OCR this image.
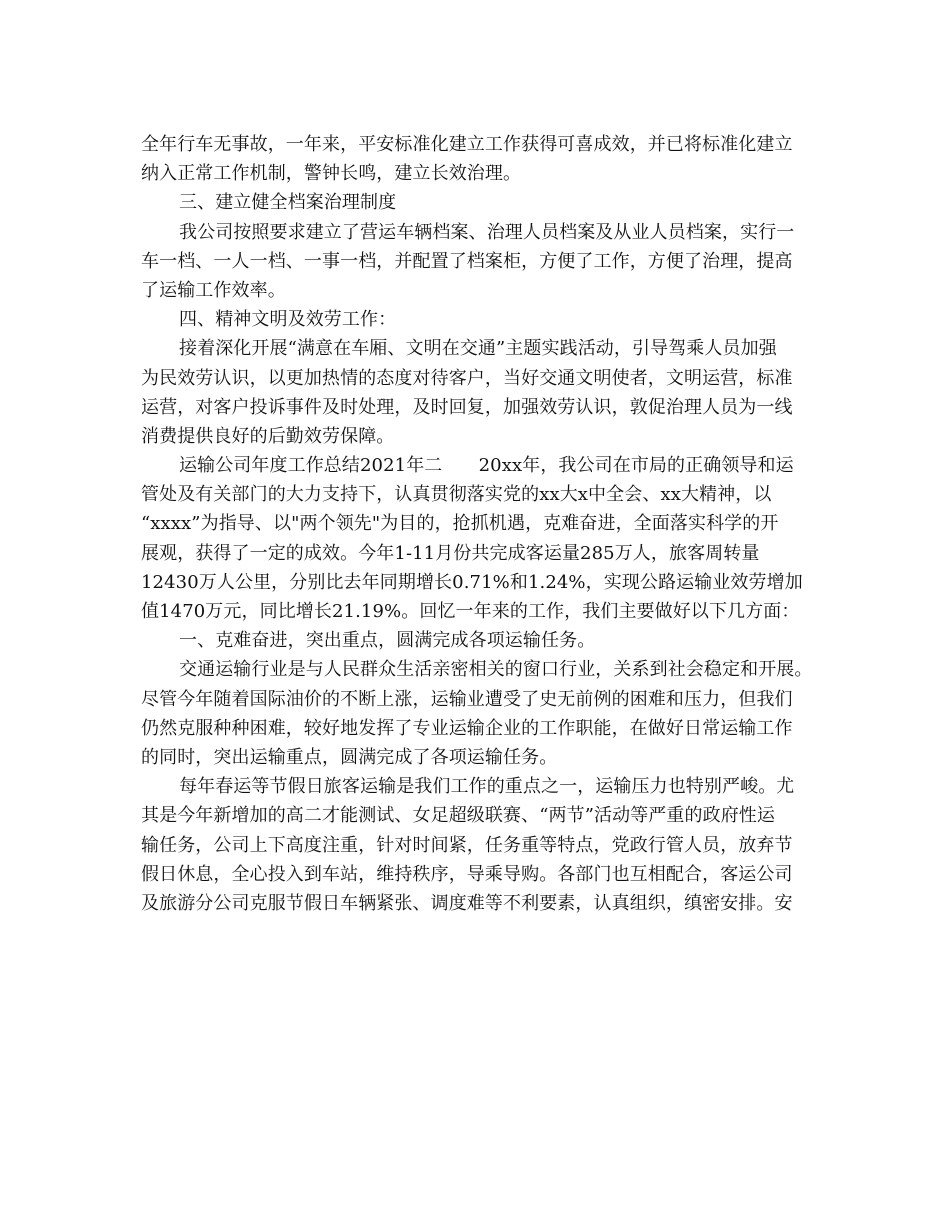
全年行车无事故，一年来，平安标准化建立工作获得可喜成效，并已将标准化建立
纳入正常工作机制，警钟长鸣，建立长效治理。
三、建立健全档案治理制度
我公司按照要求建立了营运车辆档案、治理人员档案及从业人员档案，实行一
车一档、一人一档、一事一档，并配置了档案柜，方便了工作，方便了治理，提高
了运输工作效率。
四、精神文明及效劳工作：
接着深化开展“满意在车厢、文明在交通”主题实践活动，引导驾乘人员加强
为民效劳认识，以更加热情的态度对待客户，当好交通文明使者，文明运营，标准
运营，对客户投诉事件及时处理，及时回复，加强效劳认识，敦促治理人员为一线
消费提供良好的后勤效劳保障。
运输公司年度工作总结2021年二　　20xx年，我公司在市局的正确领导和运
管处及有关部门的大力支持下，认真贯彻落实党的xx大x中全会、xx大精神，以
“xxxx”为指导、以"两个领先"为目的，抢抓机遇，克难奋进，全面落实科学的开
展观，获得了一定的成效。今年1-11月份共完成客运量285万人，旅客周转量
12430万人公里，分别比去年同期增长0.71%和1.24%，实现公路运输业效劳增加
值1470万元，同比增长21.19%。回忆一年来的工作，我们主要做好以下几方面：
一、克难奋进，突出重点，圆满完成各项运输任务。
交通运输行业是与人民群众生活亲密相关的窗口行业，关系到社会稳定和开展。
尽管今年随着国际油价的不断上涨，运输业遭受了史无前例的困难和压力，但我们
仍然克服种种困难，较好地发挥了专业运输企业的工作职能，在做好日常运输工作
的同时，突出运输重点，圆满完成了各项运输任务。
每年春运等节假日旅客运输是我们工作的重点之一，运输压力也特别严峻。尤
其是今年新增加的高二才能测试、女足超级联赛、“两节”活动等严重的政府性运
输任务，公司上下高度注重，针对时间紧，任务重等特点，党政行管人员，放弃节
假日休息，全心投入到车站，维持秩序，导乘导购。各部门也互相配合，客运公司
及旅游分公司克服节假日车辆紧张、调度难等不利要素，认真组织，缜密安排。安
